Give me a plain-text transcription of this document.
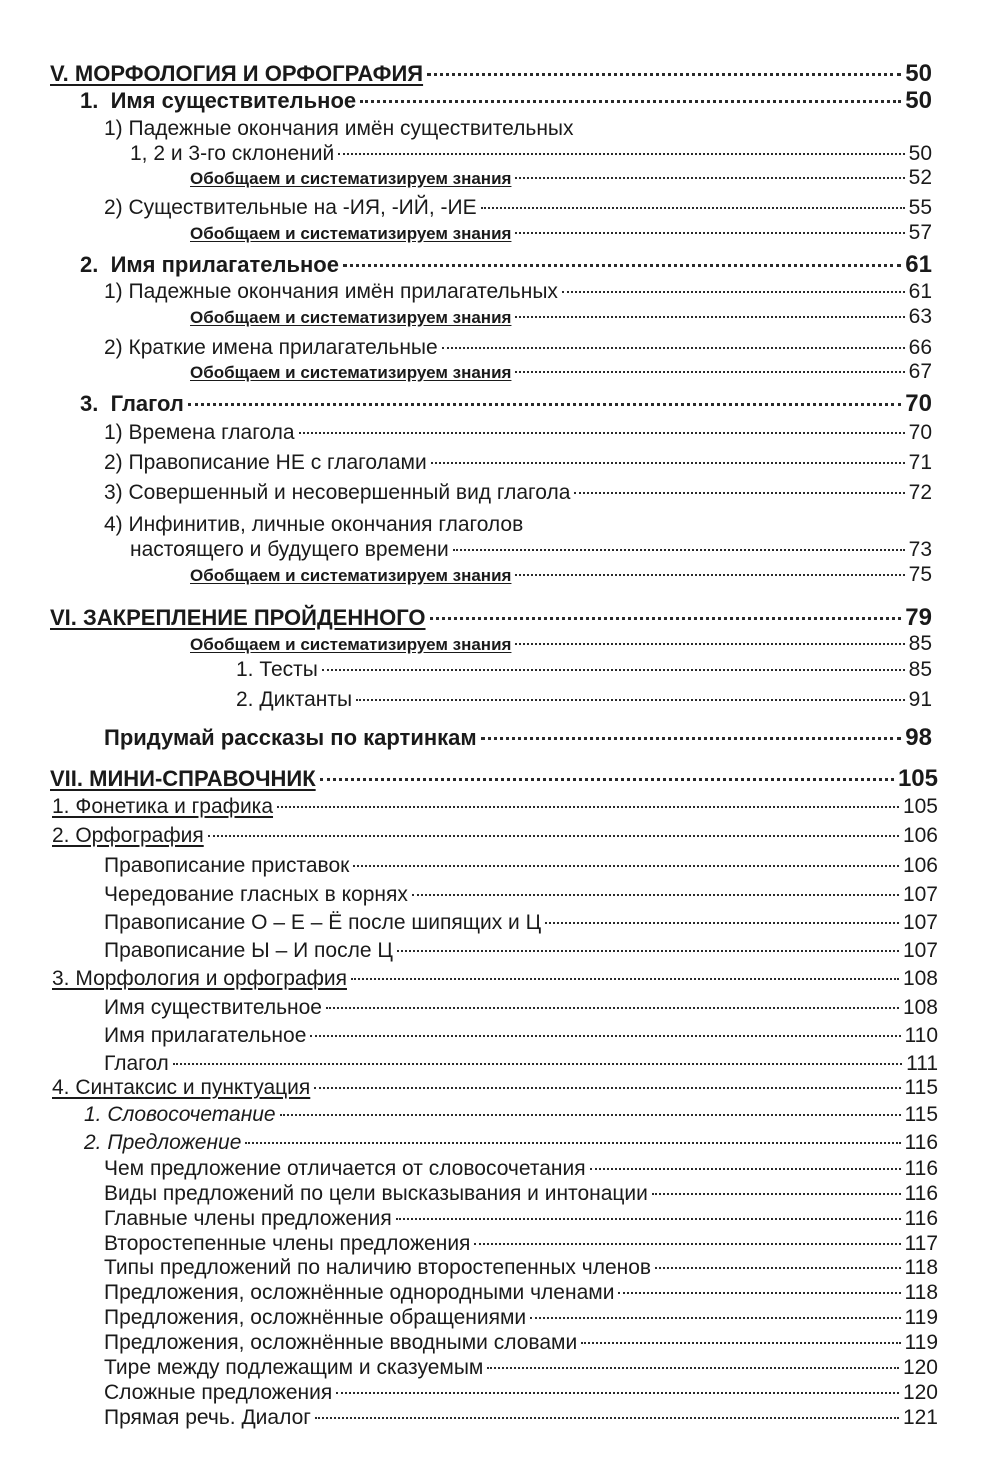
V. МОРФОЛОГИЯ И ОРФОГРАФИЯ	50
1.  Имя существительное	50
1) Падежные окончания имён существительных
1, 2 и 3-го склонений	50
Обобщаем и систематизируем знания	52
2) Существительные на -ИЯ, -ИЙ, -ИЕ	55
Обобщаем и систематизируем знания	57
2.  Имя прилагательное	61
1) Падежные окончания имён прилагательных	61
Обобщаем и систематизируем знания	63
2) Краткие имена прилагательные	66
Обобщаем и систематизируем знания	67
3.  Глагол	70
1) Времена глагола	70
2) Правописание НЕ с глаголами	71
3) Совершенный и несовершенный вид глагола	72
4) Инфинитив, личные окончания глаголов
настоящего и будущего времени	73
Обобщаем и систематизируем знания	75
VI. ЗАКРЕПЛЕНИЕ ПРОЙДЕННОГО	79
Обобщаем и систематизируем знания	85
1. Тесты	85
2. Диктанты	91
Придумай рассказы по картинкам	98
VII. МИНИ-СПРАВОЧНИК	105
1. Фонетика и графика	105
2. Орфография	106
Правописание приставок	106
Чередование гласных в корнях	107
Правописание О – Е – Ё после шипящих и Ц	107
Правописание Ы – И после Ц	107
3. Морфология и орфография	108
Имя существительное	108
Имя прилагательное	110
Глагол	111
4. Синтаксис и пунктуация	115
1. Словосочетание	115
2. Предложение	116
Чем предложение отличается от словосочетания	116
Виды предложений по цели высказывания и интонации	116
Главные члены предложения	116
Второстепенные члены предложения	117
Типы предложений по наличию второстепенных членов	118
Предложения, осложнённые однородными членами	118
Предложения, осложнённые обращениями	119
Предложения, осложнённые вводными словами	119
Тире между подлежащим и сказуемым	120
Сложные предложения	120
Прямая речь. Диалог	121
